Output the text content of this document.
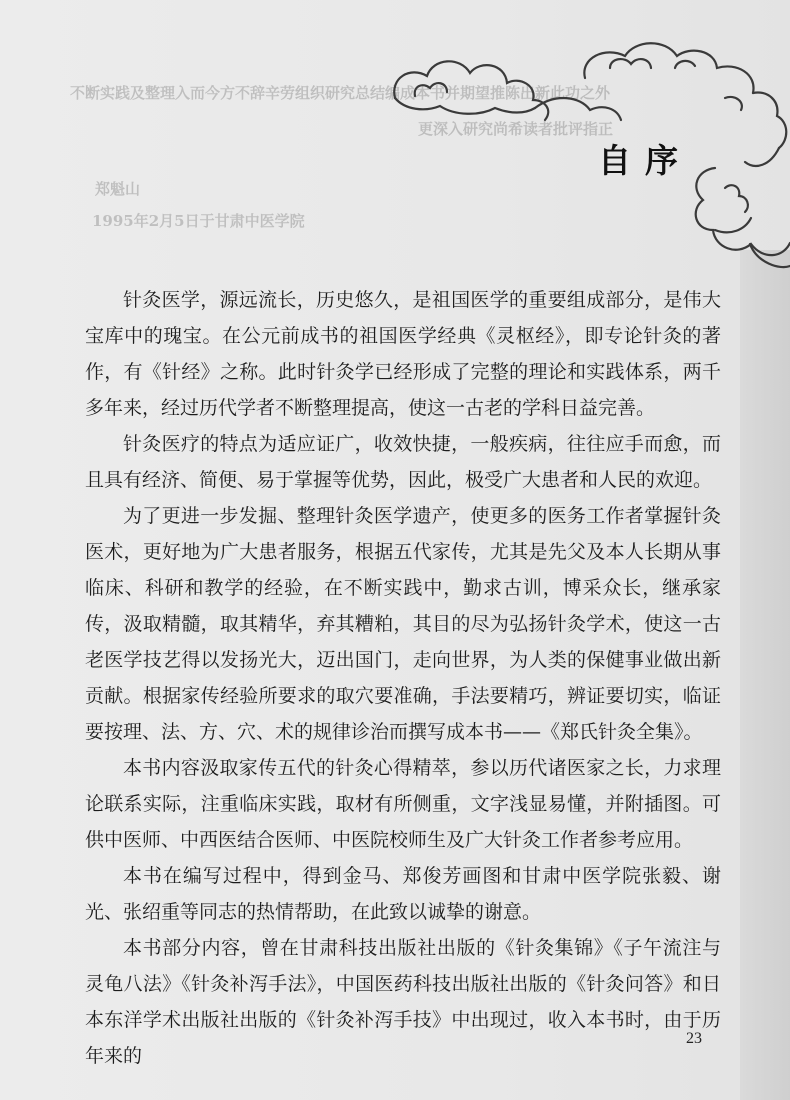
不断实践及整理入而今方不辞辛劳组织研究总结编成本书并期望推陈出新此功之外
更深入研究尚希读者批评指正
郑魁山
1995年2月5日于甘肃中医学院
自序

针灸医学，源远流长，历史悠久，是祖国医学的重要组成部分，是伟大宝库中的瑰宝。在公元前成书的祖国医学经典《灵枢经》，即专论针灸的著作，有《针经》之称。此时针灸学已经形成了完整的理论和实践体系，两千多年来，经过历代学者不断整理提高，使这一古老的学科日益完善。

针灸医疗的特点为适应证广，收效快捷，一般疾病，往往应手而愈，而且具有经济、简便、易于掌握等优势，因此，极受广大患者和人民的欢迎。

为了更进一步发掘、整理针灸医学遗产，使更多的医务工作者掌握针灸医术，更好地为广大患者服务，根据五代家传，尤其是先父及本人长期从事临床、科研和教学的经验，在不断实践中，勤求古训，博采众长，继承家传，汲取精髓，取其精华，弃其糟粕，其目的尽为弘扬针灸学术，使这一古老医学技艺得以发扬光大，迈出国门，走向世界，为人类的保健事业做出新贡献。根据家传经验所要求的取穴要准确，手法要精巧，辨证要切实，临证要按理、法、方、穴、术的规律诊治而撰写成本书——《郑氏针灸全集》。

本书内容汲取家传五代的针灸心得精萃，参以历代诸医家之长，力求理论联系实际，注重临床实践，取材有所侧重，文字浅显易懂，并附插图。可供中医师、中西医结合医师、中医院校师生及广大针灸工作者参考应用。

本书在编写过程中，得到金马、郑俊芳画图和甘肃中医学院张毅、谢光、张绍重等同志的热情帮助，在此致以诚挚的谢意。

本书部分内容，曾在甘肃科技出版社出版的《针灸集锦》《子午流注与灵龟八法》《针灸补泻手法》，中国医药科技出版社出版的《针灸问答》和日本东洋学术出版社出版的《针灸补泻手技》中出现过，收入本书时，由于历年来的

23
